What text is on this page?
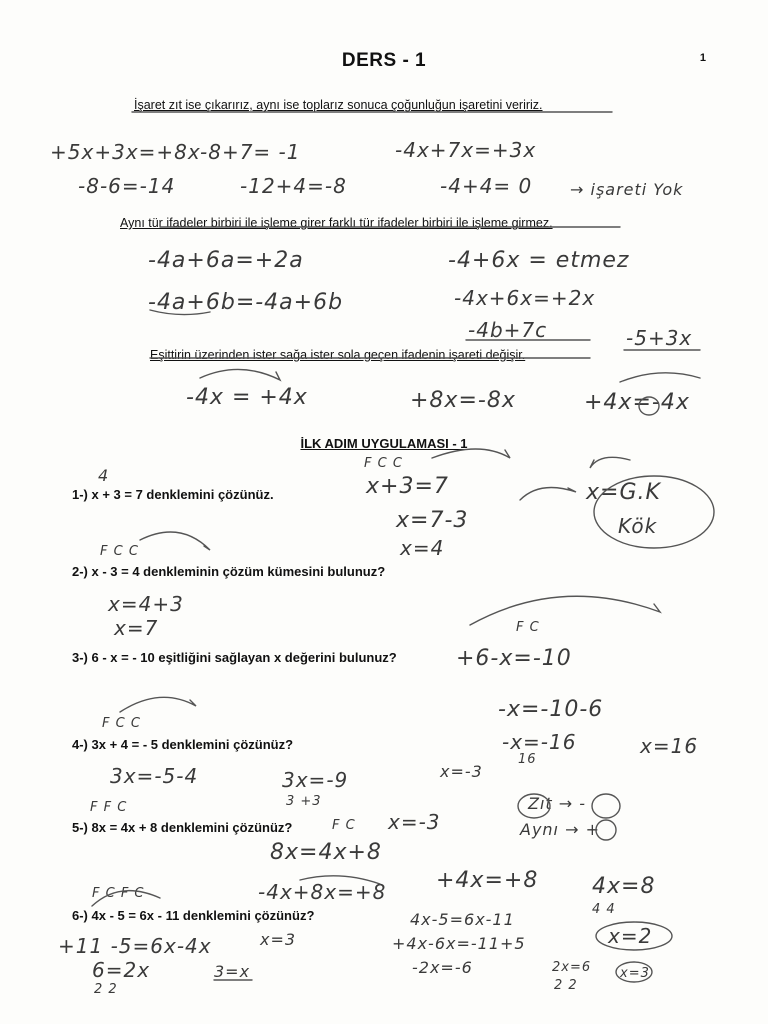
DERS - 1	1
İşaret zıt ise çıkarırız, aynı ise toplarız sonuca çoğunluğun işaretini veririz.
Aynı tür ifadeler birbiri ile işleme girer farklı tür ifadeler birbiri ile işleme girmez.
Eşittirin üzerinden ister sağa ister sola geçen ifadenin işareti değişir.
İLK ADIM UYGULAMASI - 1
1-) x + 3 = 7 denklemini çözünüz.
2-) x - 3 = 4 denkleminin çözüm kümesini bulunuz?
3-) 6 - x = - 10 eşitliğini sağlayan x değerini bulunuz?
4-) 3x + 4 = - 5 denklemini çözünüz?
5-) 8x = 4x + 8 denklemini çözünüz?
6-) 4x - 5 = 6x - 11 denklemini çözünüz?
+5x+3x=+8x -8+7= -1	-4x+7x=+3x
-8-6=-14	-12+4=-8	-4+4= 0 → işareti Yok
-4a+6a=+2a	-4+6x = etmez
-4a+6b=-4a+6b	-4x+6x=+2x
-4b+7c	-5+3x
-4x = +4x	+8x=-8x	+4x=-4x
4
F C C
x+3=7
x=7-3
x=4
x=G.K
Kök
F C C
x=4+3
x=7	F C
+6-x=-10
-x=-10-6
-x=-16
16
x=16
F C C
3x=-5-4	3x=-9
3 +3
x=-3
Zıt → -
Aynı → +
F F C
F C x=-3
8x=4x+8
-4x+8x=+8 +4x=+8 4x=8
4 4
x=2
F C F C
+11 -5=6x-4x	x=3
6=2x
2 2
3=x
4x-5=6x-11
+4x-6x=-11+5
-2x=-6	2x=6
2 2
x=3
